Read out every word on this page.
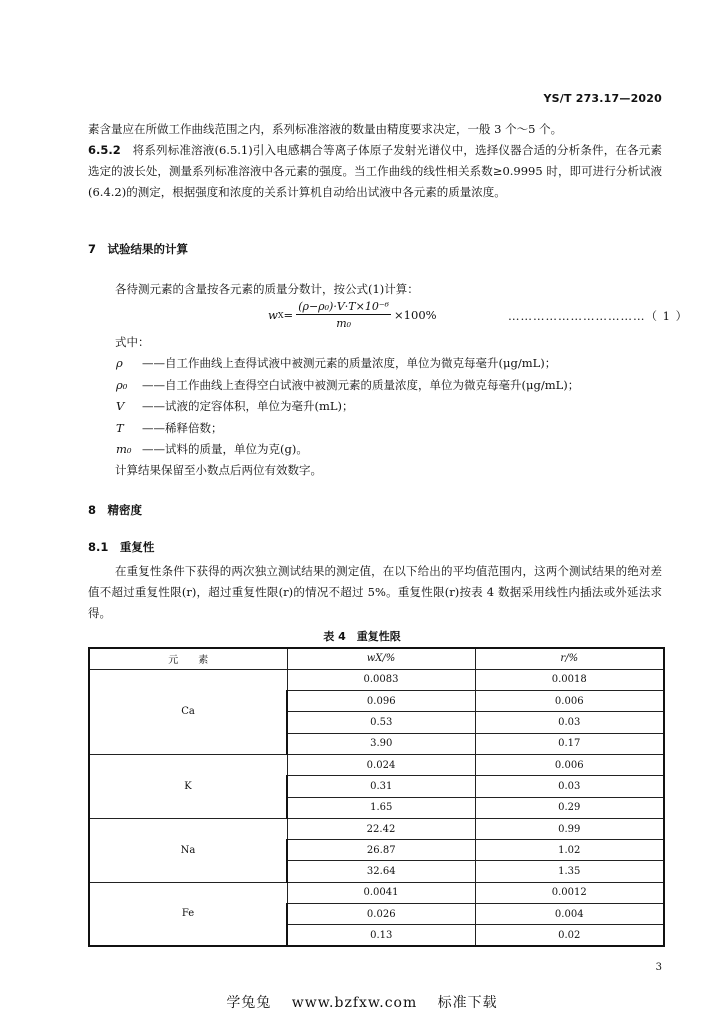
YS/T 273.17—2020

素含量应在所做工作曲线范围之内，系列标准溶液的数量由精度要求决定，一般 3 个～5 个。

6.5.2　 将系列标准溶液(6.5.1)引入电感耦合等离子体原子发射光谱仪中，选择仪器合适的分析条件，在各元素选定的波长处，测量系列标准溶液中各元素的强度。当工作曲线的线性相关系数≥0.9995 时，即可进行分析试液(6.4.2)的测定，根据强度和浓度的关系计算机自动给出试液中各元素的质量浓度。

7　 试验结果的计算
各待测元素的含量按各元素的质量分数计，按公式(1)计算：
w $X = \frac{\text{(ρ−ρ₀)·V·T×10⁻⁶}}{\text{m₀}} \times 100\%$	……………………………（ 1 ）
式中：
ρ ——自工作曲线上查得试液中被测元素的质量浓度，单位为微克每毫升(μg/mL)；
ρ₀ ——自工作曲线上查得空白试液中被测元素的质量浓度，单位为微克每毫升(μg/mL)；
V ——试液的定容体积，单位为毫升(mL)；
T ——稀释倍数；
m₀ ——试料的质量，单位为克(g)。
计算结果保留至小数点后两位有效数字。
8　 精密度
8.1　 重复性

在重复性条件下获得的两次独立测试结果的测定值，在以下给出的平均值范围内，这两个测试结果的绝对差值不超过重复性限(r)，超过重复性限(r)的情况不超过 5%。重复性限(r)按表 4 数据采用线性内插法或外延法求得。

表 4　重复性限
元　　素	wX/%	r/%
Ca	0.0083	0.0018
	0.096	0.006
	0.53	0.03
	3.90	0.17
K	0.024	0.006
	0.31	0.03
	1.65	0.29
Na	22.42	0.99
	26.87	1.02
	32.64	1.35
Fe	0.0041	0.0012
	0.026	0.004
	0.13	0.02
3
学兔兔　 www.bzfxw.com　 标准下载
